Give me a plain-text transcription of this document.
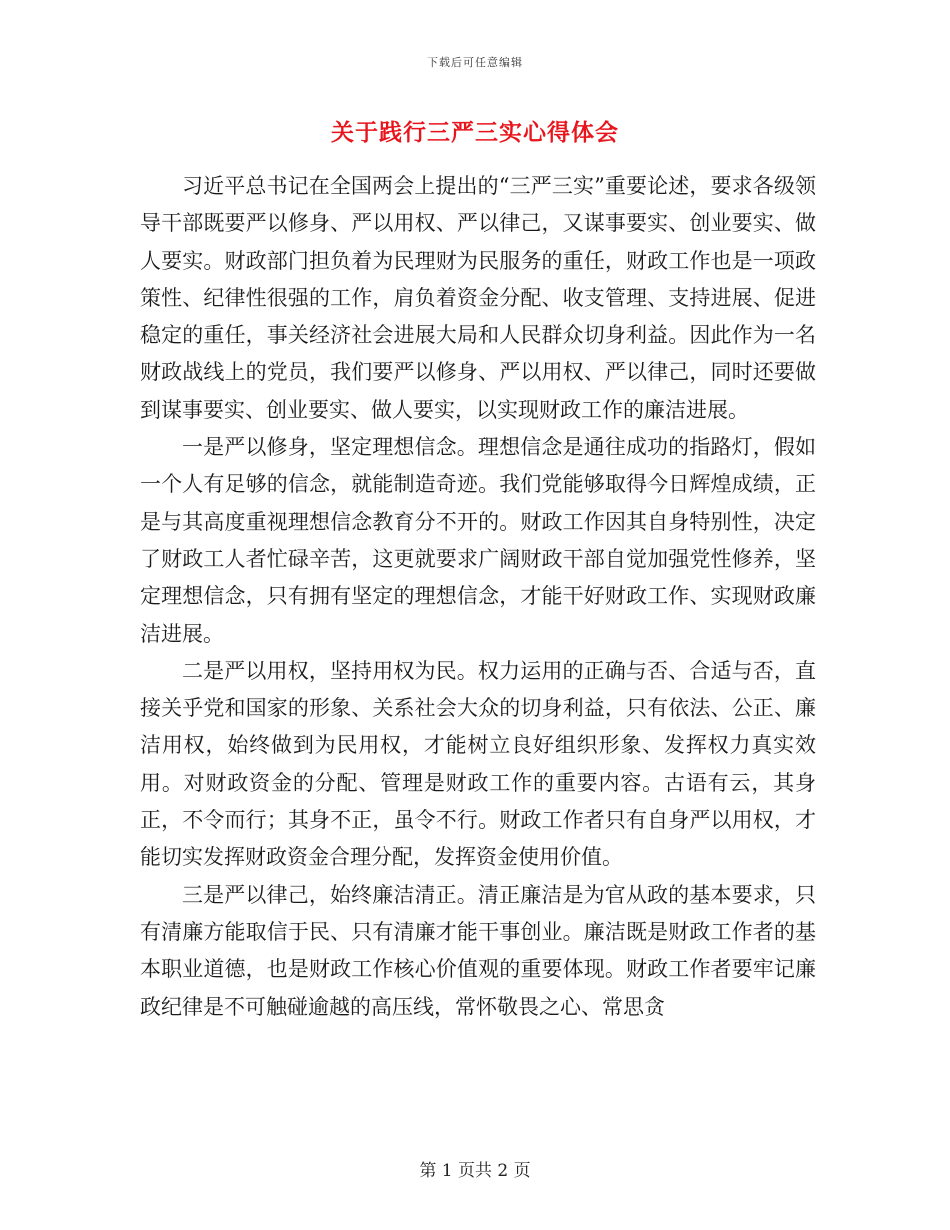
下载后可任意编辑
关于践行三严三实心得体会

习近平总书记在全国两会上提出的“三严三实”重要论述，要求各级领导干部既要严以修身、严以用权、严以律己，又谋事要实、创业要实、做人要实。财政部门担负着为民理财为民服务的重任，财政工作也是一项政策性、纪律性很强的工作，肩负着资金分配、收支管理、支持进展、促进稳定的重任，事关经济社会进展大局和人民群众切身利益。因此作为一名财政战线上的党员，我们要严以修身、严以用权、严以律己，同时还要做到谋事要实、创业要实、做人要实，以实现财政工作的廉洁进展。

一是严以修身，坚定理想信念。理想信念是通往成功的指路灯，假如一个人有足够的信念，就能制造奇迹。我们党能够取得今日辉煌成绩，正是与其高度重视理想信念教育分不开的。财政工作因其自身特别性，决定了财政工人者忙碌辛苦，这更就要求广阔财政干部自觉加强党性修养，坚定理想信念，只有拥有坚定的理想信念，才能干好财政工作、实现财政廉洁进展。

二是严以用权，坚持用权为民。权力运用的正确与否、合适与否，直接关乎党和国家的形象、关系社会大众的切身利益，只有依法、公正、廉洁用权，始终做到为民用权，才能树立良好组织形象、发挥权力真实效用。对财政资金的分配、管理是财政工作的重要内容。古语有云，其身正，不令而行；其身不正，虽令不行。财政工作者只有自身严以用权，才能切实发挥财政资金合理分配，发挥资金使用价值。

三是严以律己，始终廉洁清正。清正廉洁是为官从政的基本要求，只有清廉方能取信于民、只有清廉才能干事创业。廉洁既是财政工作者的基本职业道德，也是财政工作核心价值观的重要体现。财政工作者要牢记廉政纪律是不可触碰逾越的高压线，常怀敬畏之心、常思贪

第 1 页共 2 页
